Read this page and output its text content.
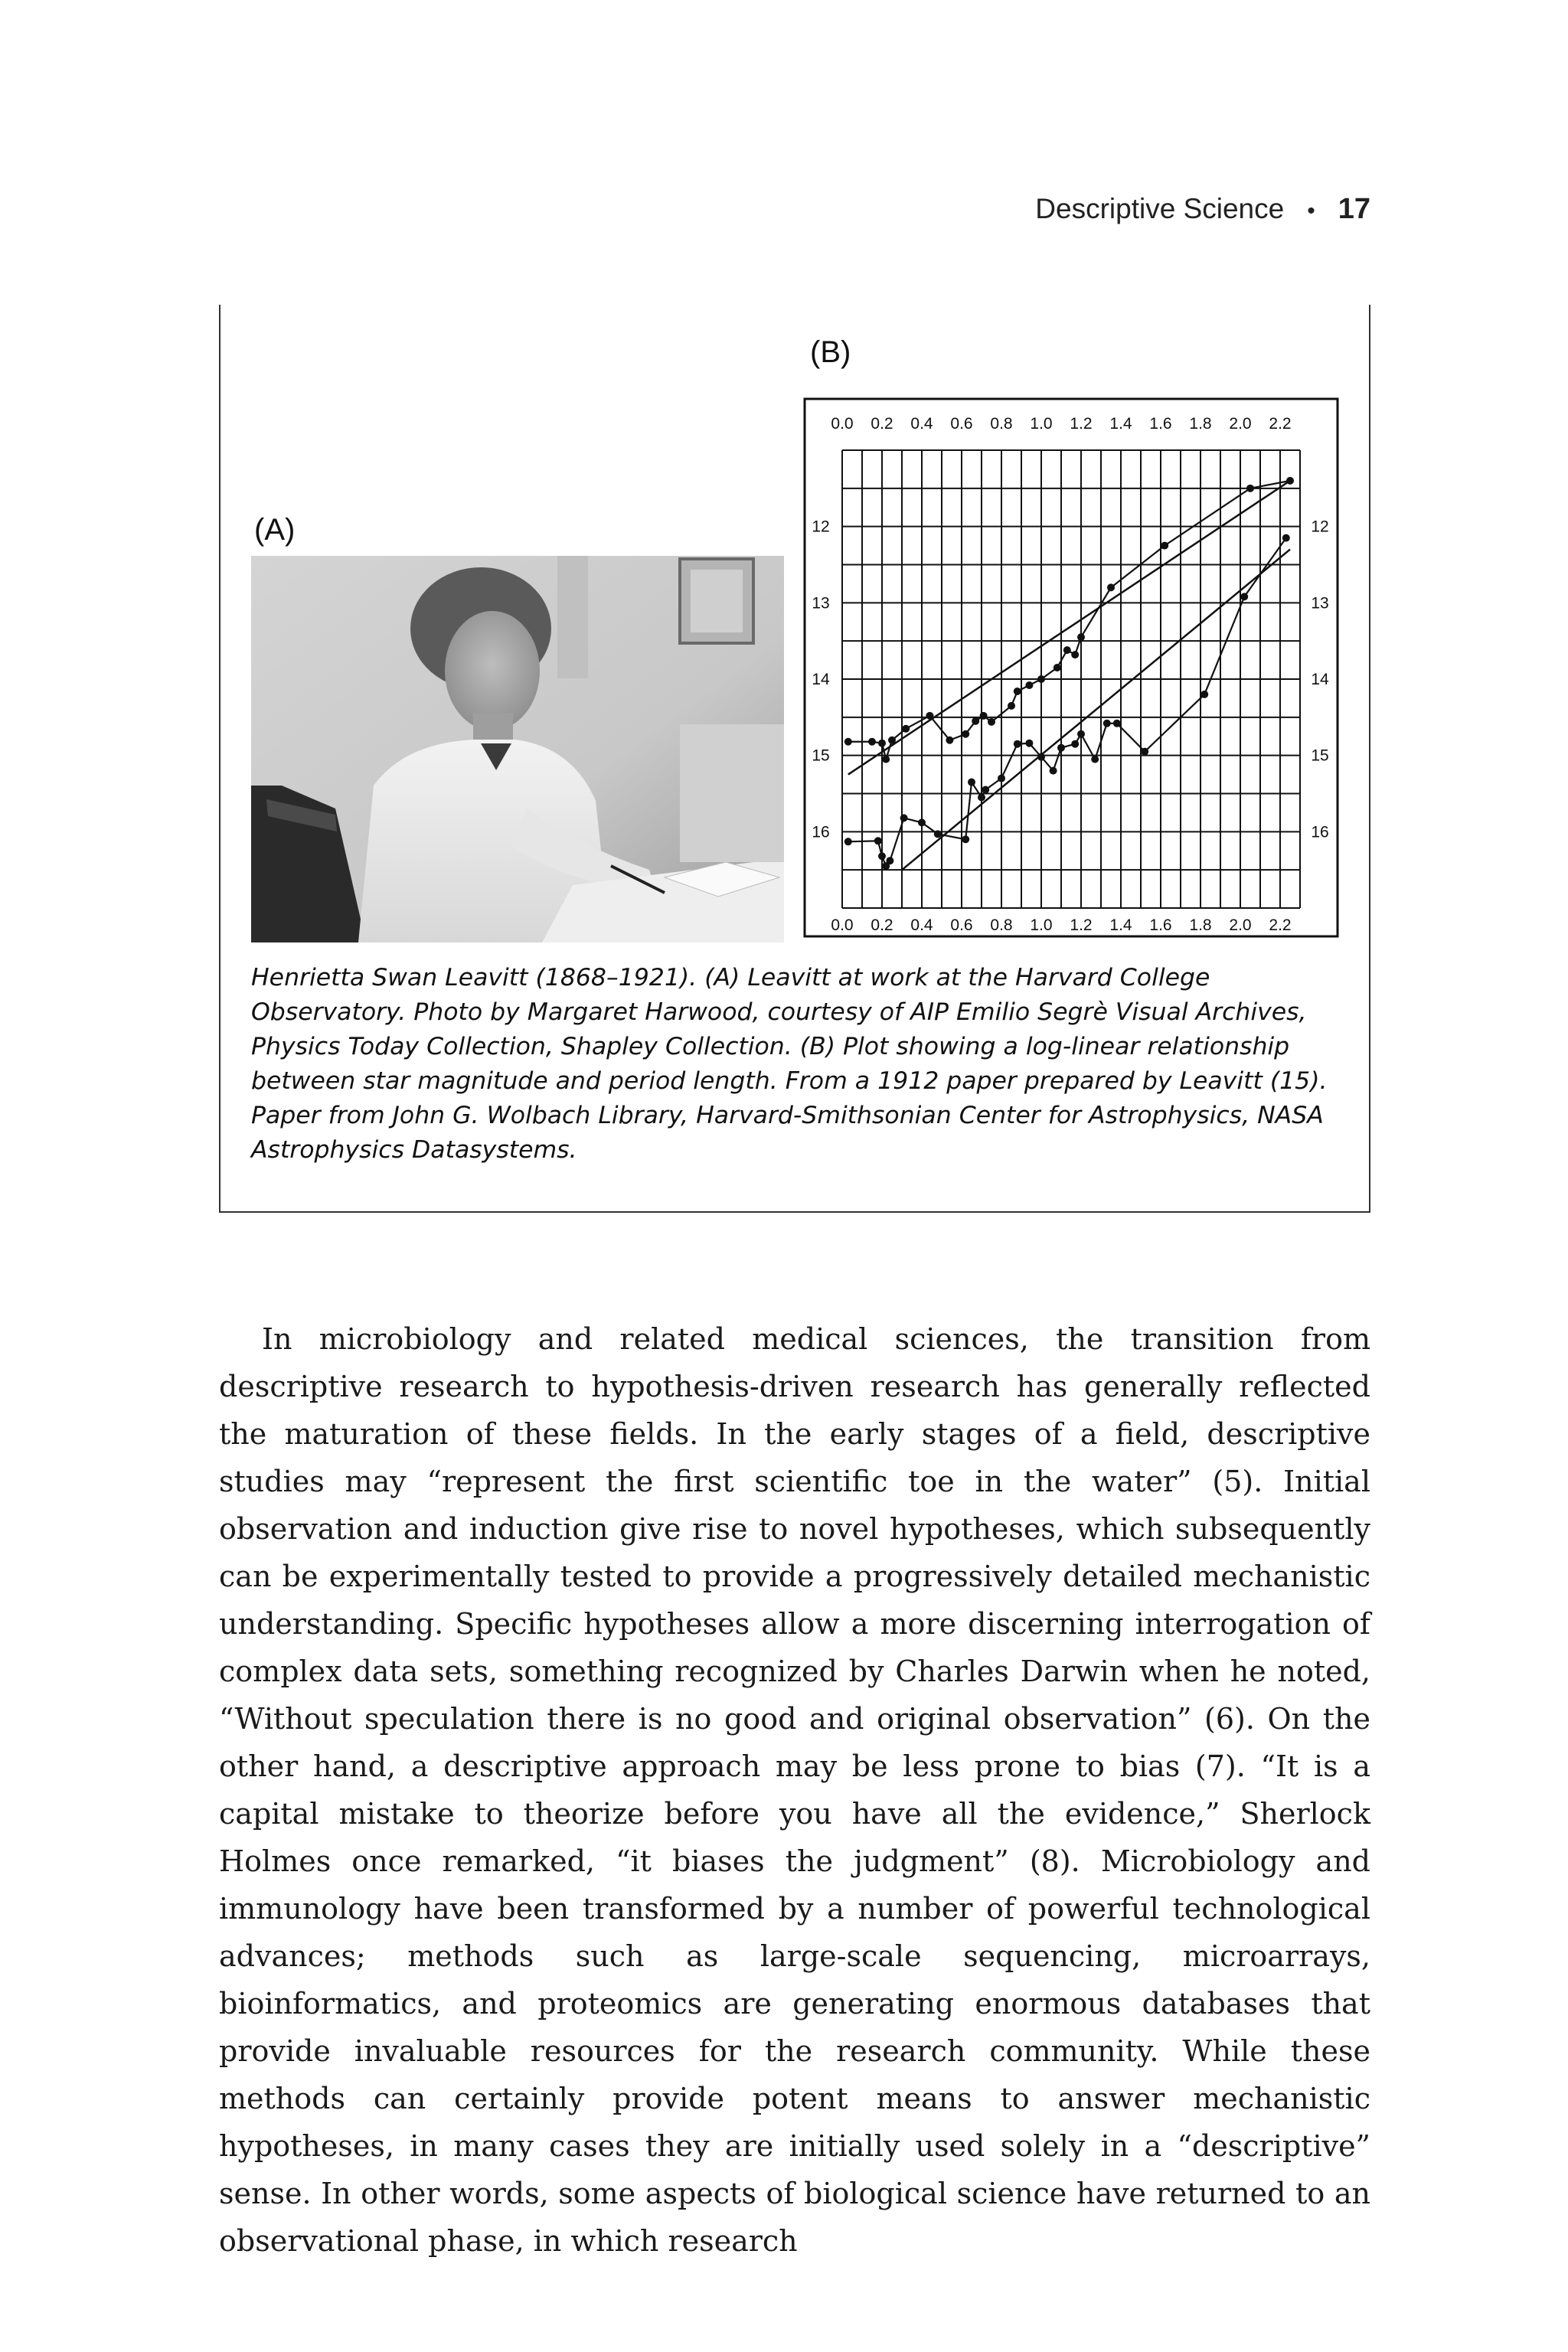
Descriptive Science • 17
(B)
(A)
0.0
0.0
0.2
0.2
0.4
0.4
0.6
0.6
0.8
0.8
1.0
1.0
1.2
1.2
1.4
1.4
1.6
1.6
1.8
1.8
2.0
2.0
2.2
2.2
12	12
13	13
14	14
15	15
16	16
Henrietta Swan Leavitt (1868–1921). (A) Leavitt at work at the Harvard College Observatory. Photo by Margaret Harwood, courtesy of AIP Emilio Segrè Visual Archives, Physics Today Collection, Shapley Collection. (B) Plot showing a log-linear relationship between star magnitude and period length. From a 1912 paper prepared by Leavitt (15). Paper from John G. Wolbach Library, Harvard-Smithsonian Center for Astrophysics, NASA Astrophysics Datasystems.

In microbiology and related medical sciences, the transition from descriptive research to hypothesis-driven research has generally reflected the maturation of these fields. In the early stages of a field, descriptive studies may “represent the first scientific toe in the water” (5). Initial observation and induction give rise to novel hypotheses, which subsequently can be experimentally tested to provide a progressively detailed mechanistic understanding. Specific hypotheses allow a more discerning interrogation of complex data sets, something recognized by Charles Darwin when he noted, “Without speculation there is no good and original observation” (6). On the other hand, a descriptive approach may be less prone to bias (7). “It is a capital mistake to theorize before you have all the evidence,” Sherlock Holmes once remarked, “it biases the judgment” (8). Microbiology and immunology have been transformed by a number of powerful technological advances; methods such as large-scale sequencing, microarrays, bioinformatics, and proteomics are generating enormous databases that provide invaluable resources for the research community. While these methods can certainly provide potent means to answer mechanistic hypotheses, in many cases they are initially used solely in a “descriptive” sense. In other words, some aspects of biological science have returned to an observational phase, in which research
